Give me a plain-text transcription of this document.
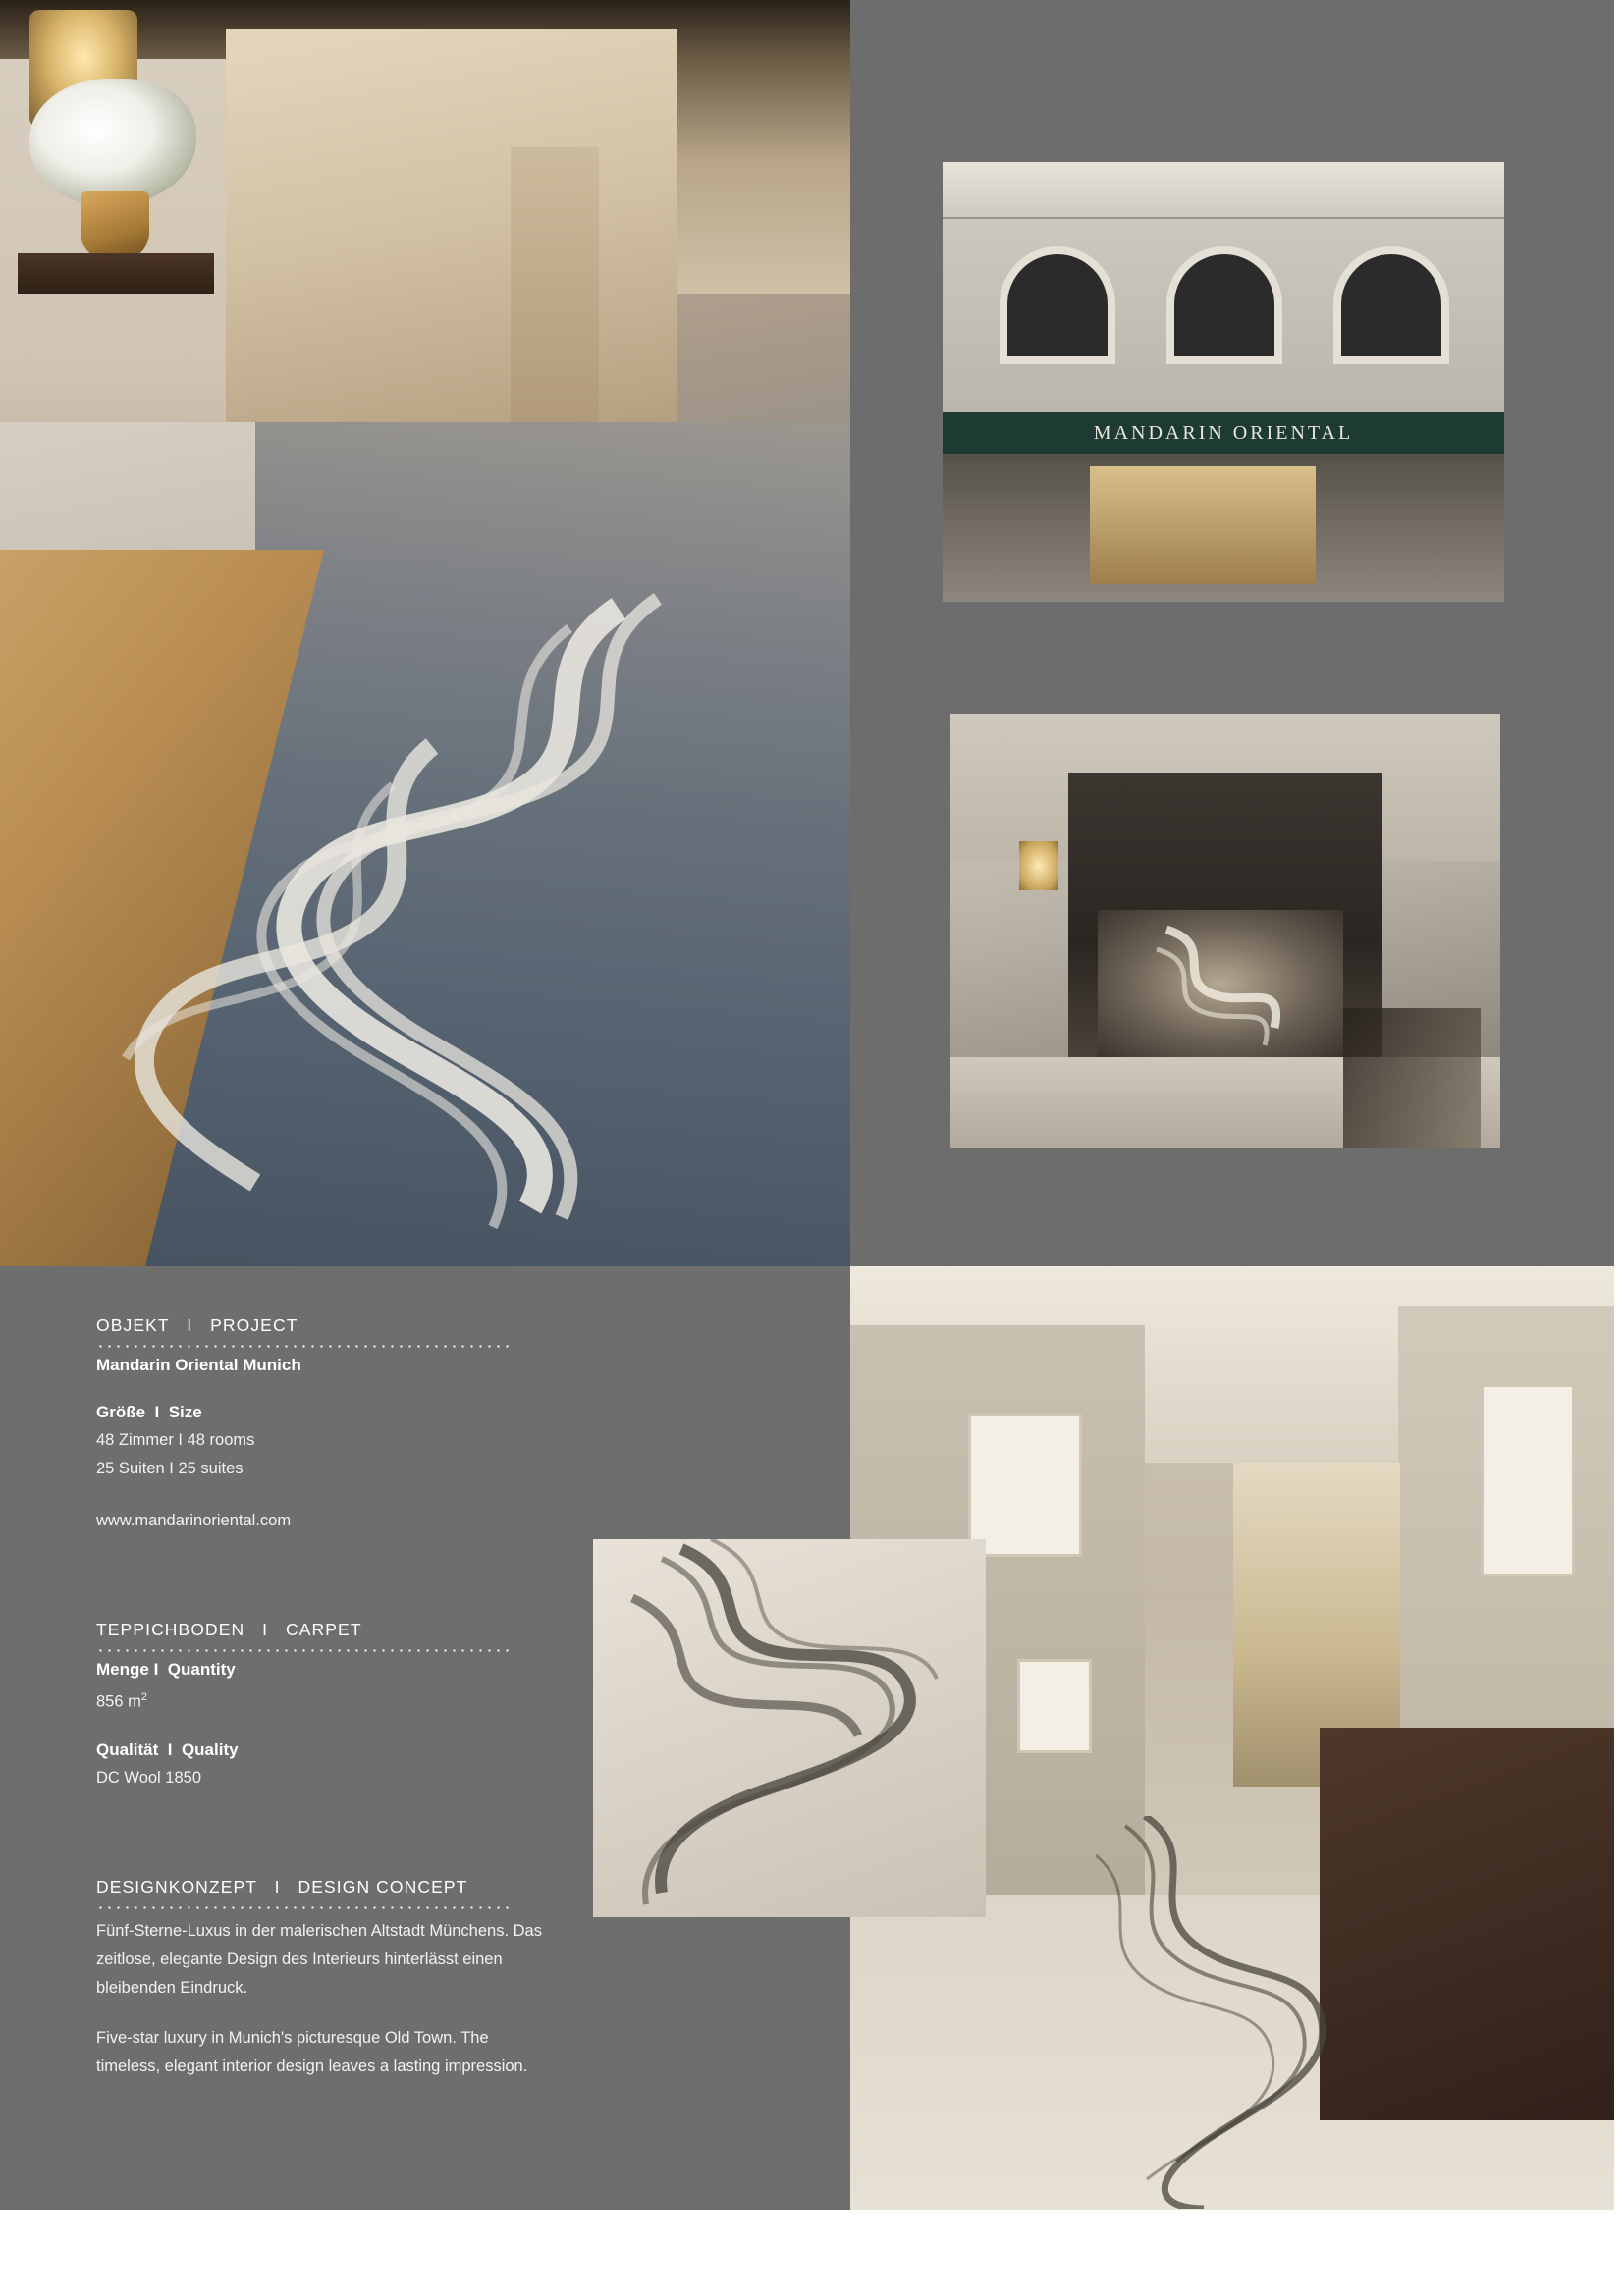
MANDARIN ORIENTAL
OBJEKT I PROJECT
Mandarin Oriental Munich
Größe I Size

48 Zimmer I 48 rooms

25 Suiten I 25 suites

www.mandarinoriental.com

TEPPICHBODEN I CARPET
Menge I Quantity

856 $m^2$

Qualität I Quality

DC Wool 1850

DESIGNKONZEPT I DESIGN CONCEPT

Fünf-Sterne-Luxus in der malerischen Altstadt Münchens. Das zeitlose, elegante Design des Interieurs hinterlässt einen bleibenden Eindruck.

Five-star luxury in Munich's picturesque Old Town. The timeless, elegant interior design leaves a lasting impression.

Corridor Concepts I 7
